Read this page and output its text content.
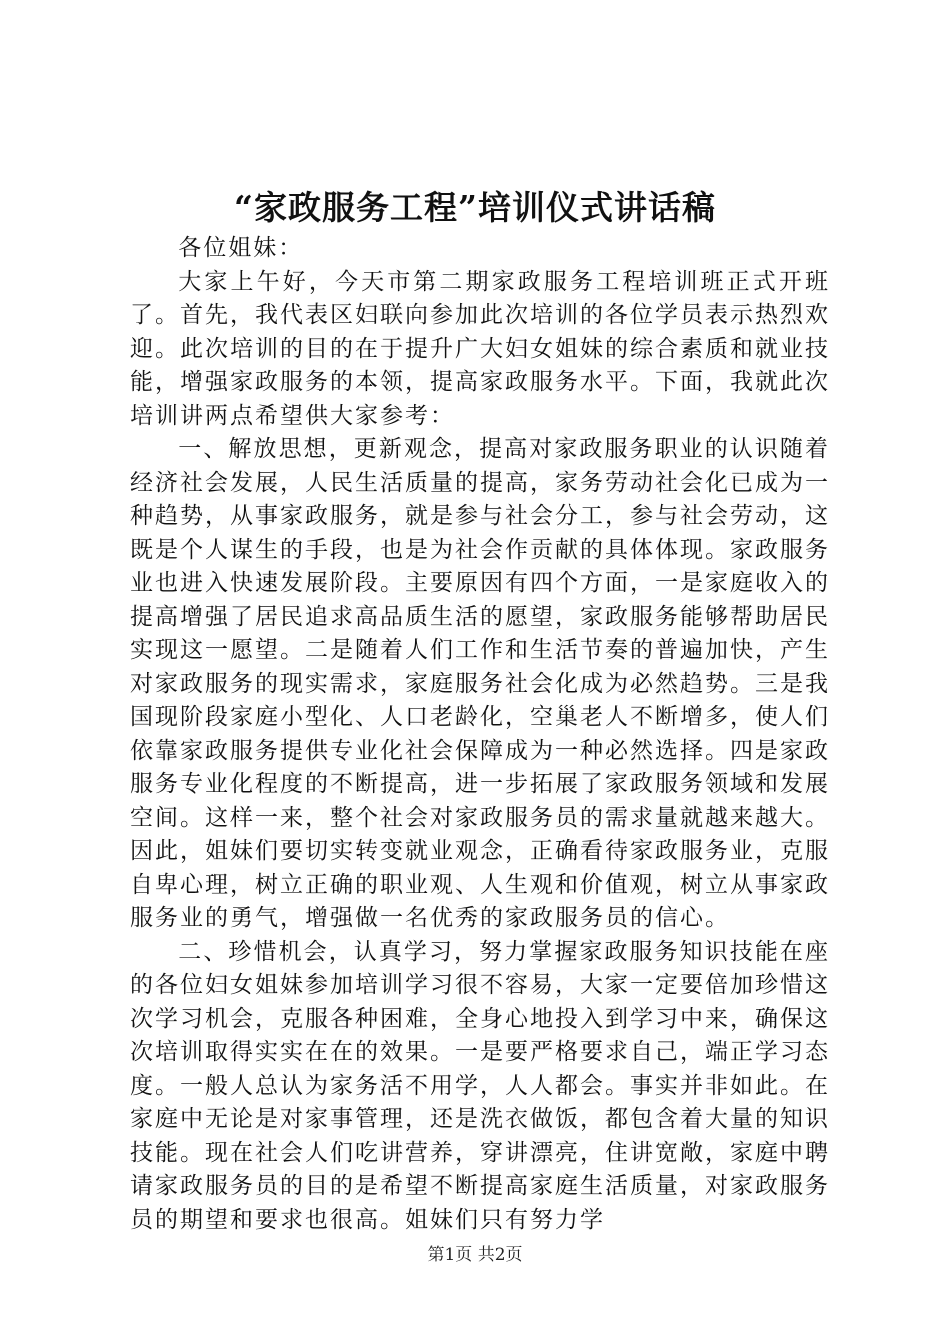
“家政服务工程”培训仪式讲话稿

各位姐妹：

大家上午好，今天市第二期家政服务工程培训班正式开班了。首先，我代表区妇联向参加此次培训的各位学员表示热烈欢迎。此次培训的目的在于提升广大妇女姐妹的综合素质和就业技能，增强家政服务的本领，提高家政服务水平。下面，我就此次培训讲两点希望供大家参考：

一、解放思想，更新观念，提高对家政服务职业的认识随着经济社会发展，人民生活质量的提高，家务劳动社会化已成为一种趋势，从事家政服务，就是参与社会分工，参与社会劳动，这既是个人谋生的手段，也是为社会作贡献的具体体现。家政服务业也进入快速发展阶段。主要原因有四个方面，一是家庭收入的提高增强了居民追求高品质生活的愿望，家政服务能够帮助居民实现这一愿望。二是随着人们工作和生活节奏的普遍加快，产生对家政服务的现实需求，家庭服务社会化成为必然趋势。三是我国现阶段家庭小型化、人口老龄化，空巢老人不断增多，使人们依靠家政服务提供专业化社会保障成为一种必然选择。四是家政服务专业化程度的不断提高，进一步拓展了家政服务领域和发展空间。这样一来，整个社会对家政服务员的需求量就越来越大。因此，姐妹们要切实转变就业观念，正确看待家政服务业，克服自卑心理，树立正确的职业观、人生观和价值观，树立从事家政服务业的勇气，增强做一名优秀的家政服务员的信心。

二、珍惜机会，认真学习，努力掌握家政服务知识技能在座的各位妇女姐妹参加培训学习很不容易，大家一定要倍加珍惜这次学习机会，克服各种困难，全身心地投入到学习中来，确保这次培训取得实实在在的效果。一是要严格要求自己，端正学习态度。一般人总认为家务活不用学，人人都会。事实并非如此。在家庭中无论是对家事管理，还是洗衣做饭，都包含着大量的知识技能。现在社会人们吃讲营养，穿讲漂亮，住讲宽敞，家庭中聘请家政服务员的目的是希望不断提高家庭生活质量，对家政服务员的期望和要求也很高。姐妹们只有努力学

第1页 共2页
